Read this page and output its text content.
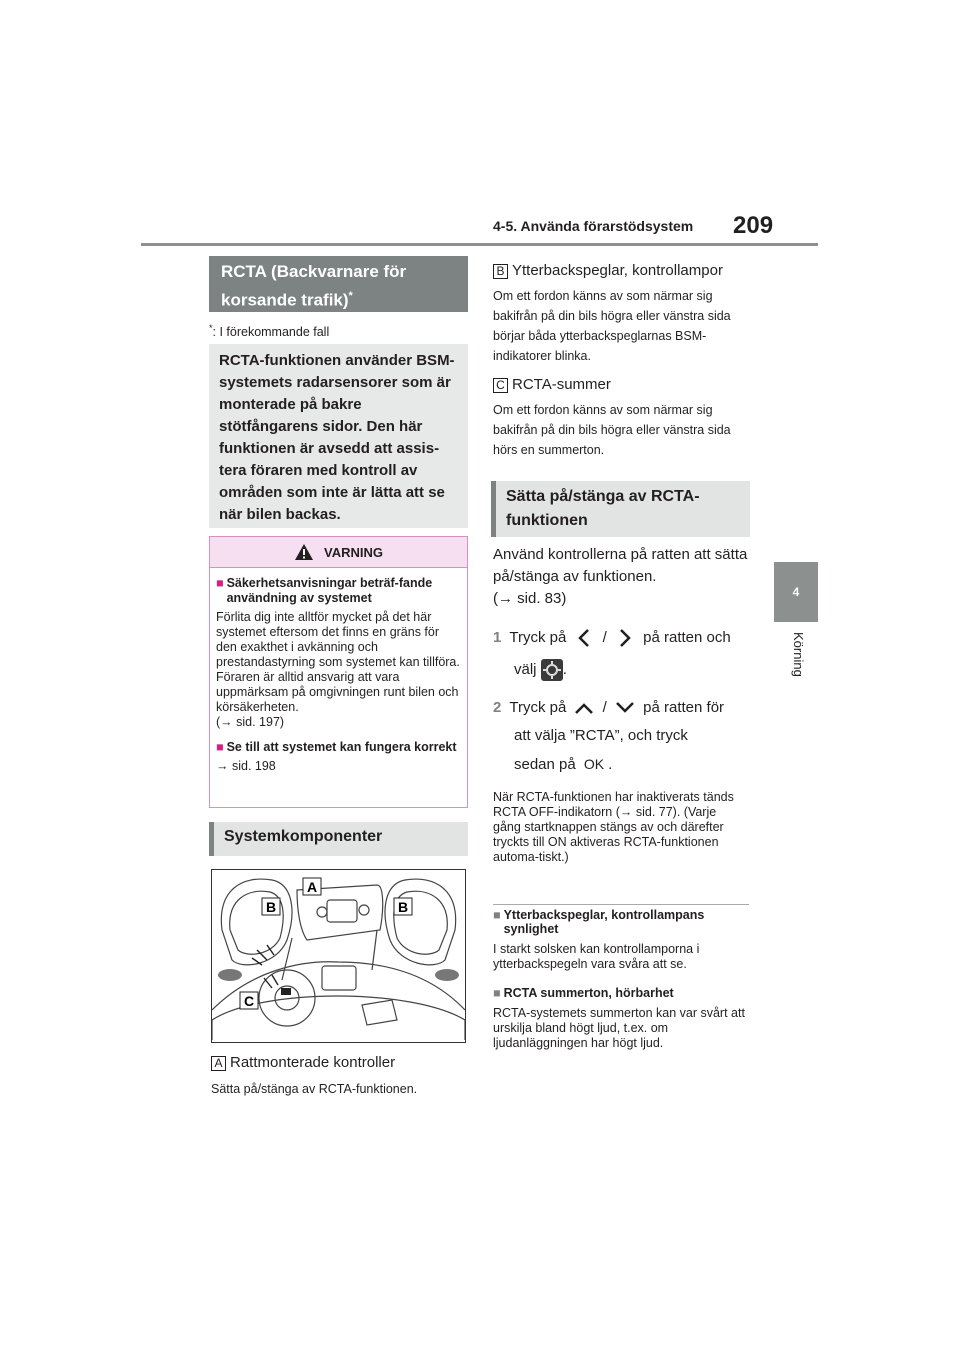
4-5. Använda förarstödsystem 209
4
Körning
RCTA (Backvarnare för
korsande trafik)*
*: I förekommande fall
RCTA-funktionen använder BSM-systemets radarsensorer som är monterade på bakre stötfångarens sidor. Den här funktionen är avsedd att assis-tera föraren med kontroll av områden som inte är lätta att se när bilen backas.
VARNING
■ Säkerhetsanvisningar beträf-fande användning av systemet

Förlita dig inte alltför mycket på det här systemet eftersom det finns en gräns för den exakthet i avkänning och prestandastyrning som systemet kan tillföra. Föraren är alltid ansvarig att vara uppmärksam på omgivningen runt bilen och körsäkerheten.

(→ sid. 197)

■ Se till att systemet kan fungera korrekt

→ sid. 198

Systemkomponenter
A
B	B
C
A Rattmonterade kontroller
Sätta på/stänga av RCTA-funktionen.
B Ytterbackspeglar, kontrollampor
Om ett fordon känns av som närmar sig bakifrån på din bils högra eller vänstra sida börjar båda ytterbackspeglarnas BSM-indikatorer blinka.
C RCTA-summer
Om ett fordon känns av som närmar sig bakifrån på din bils högra eller vänstra sida hörs en summerton.
Sätta på/stänga av RCTA-
funktionen
Använd kontrollerna på ratten att sätta på/stänga av funktionen.
(→ sid. 83)
1 Tryck på / på ratten och
välj .
2 Tryck på / på ratten för
att välja ”RCTA”, och tryck
sedan på OK .
När RCTA-funktionen har inaktiverats tänds RCTA OFF-indikatorn (→ sid. 77). (Varje gång startknappen stängs av och därefter tryckts till ON aktiveras RCTA-funktionen automa-tiskt.)
■ Ytterbackspeglar, kontrollampans synlighet
I starkt solsken kan kontrollamporna i ytterbackspegeln vara svåra att se.
■ RCTA summerton, hörbarhet
RCTA-systemets summerton kan var svårt att urskilja bland högt ljud, t.ex. om ljudanläggningen har högt ljud.
